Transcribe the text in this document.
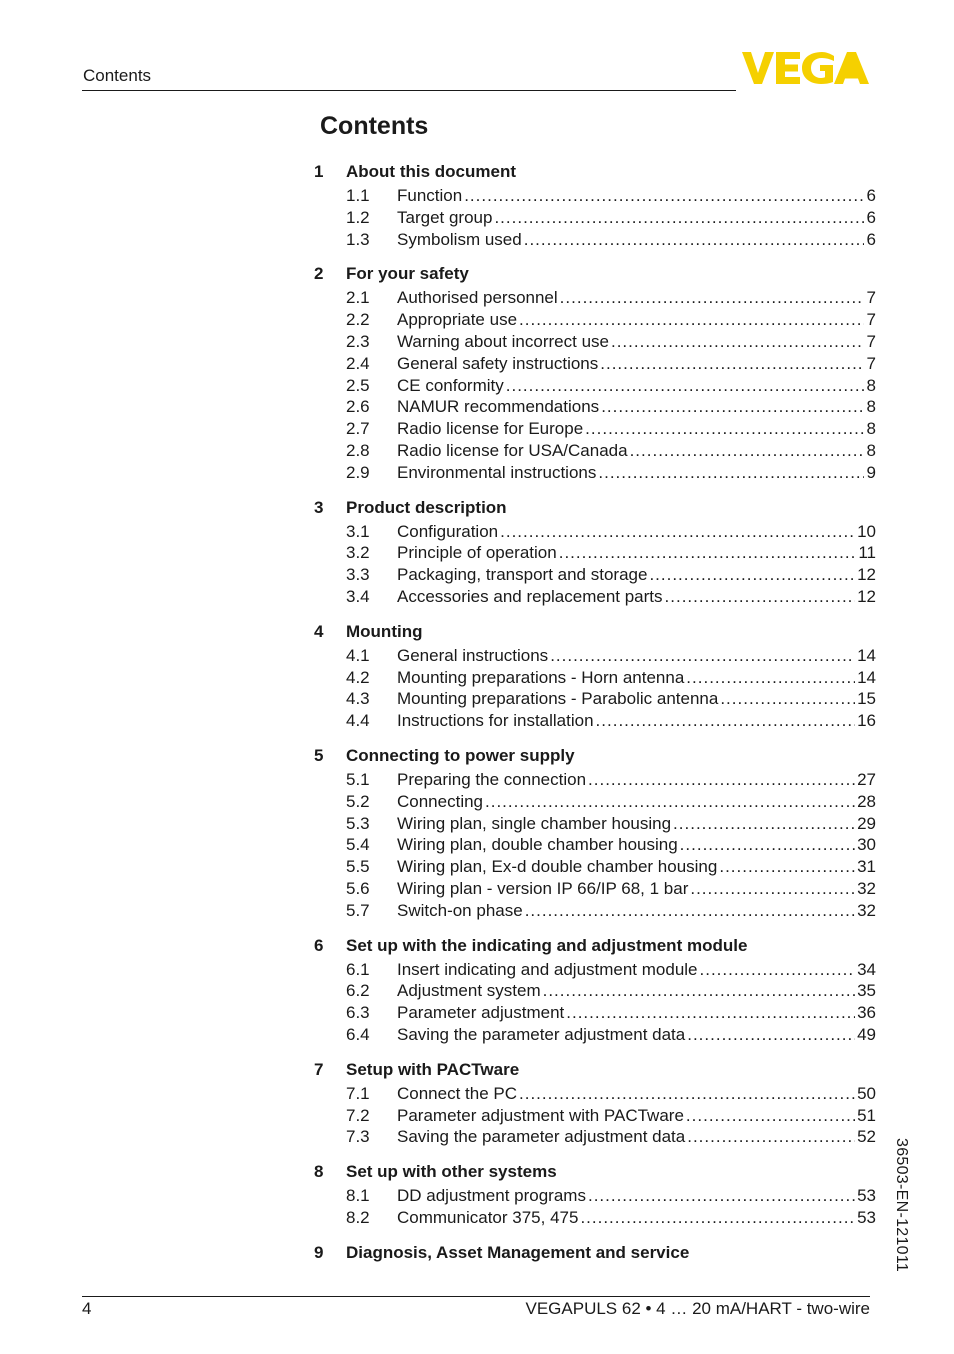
Contents
Contents
1	About this document
1.1	Function .....	6
1.2	Target group .....	6
1.3	Symbolism used .....	6
2	For your safety
2.1	Authorised personnel .....	7
2.2	Appropriate use .....	7
2.3	Warning about incorrect use .....	7
2.4	General safety instructions .....	7
2.5	CE conformity .....	8
2.6	NAMUR recommendations .....	8
2.7	Radio license for Europe .....	8
2.8	Radio license for USA/Canada .....	8
2.9	Environmental instructions .....	9
3	Product description
3.1	Configuration .....	10
3.2	Principle of operation .....	11
3.3	Packaging, transport and storage .....	12
3.4	Accessories and replacement parts .....	12
4	Mounting
4.1	General instructions .....	14
4.2	Mounting preparations - Horn antenna .....	14
4.3	Mounting preparations - Parabolic antenna .....	15
4.4	Instructions for installation .....	16
5	Connecting to power supply
5.1	Preparing the connection .....	27
5.2	Connecting .....	28
5.3	Wiring plan, single chamber housing .....	29
5.4	Wiring plan, double chamber housing .....	30
5.5	Wiring plan, Ex-d double chamber housing .....	31
5.6	Wiring plan - version IP 66/IP 68, 1 bar .....	32
5.7	Switch-on phase .....	32
6	Set up with the indicating and adjustment module
6.1	Insert indicating and adjustment module .....	34
6.2	Adjustment system .....	35
6.3	Parameter adjustment .....	36
6.4	Saving the parameter adjustment data .....	49
7	Setup with PACTware
7.1	Connect the PC .....	50
7.2	Parameter adjustment with PACTware .....	51
7.3	Saving the parameter adjustment data .....	52
8	Set up with other systems
8.1	DD adjustment programs .....	53
8.2	Communicator 375, 475 .....	53
9	Diagnosis, Asset Management and service	36503-EN-121011
4	VEGAPULS 62 • 4 … 20 mA/HART - two-wire
